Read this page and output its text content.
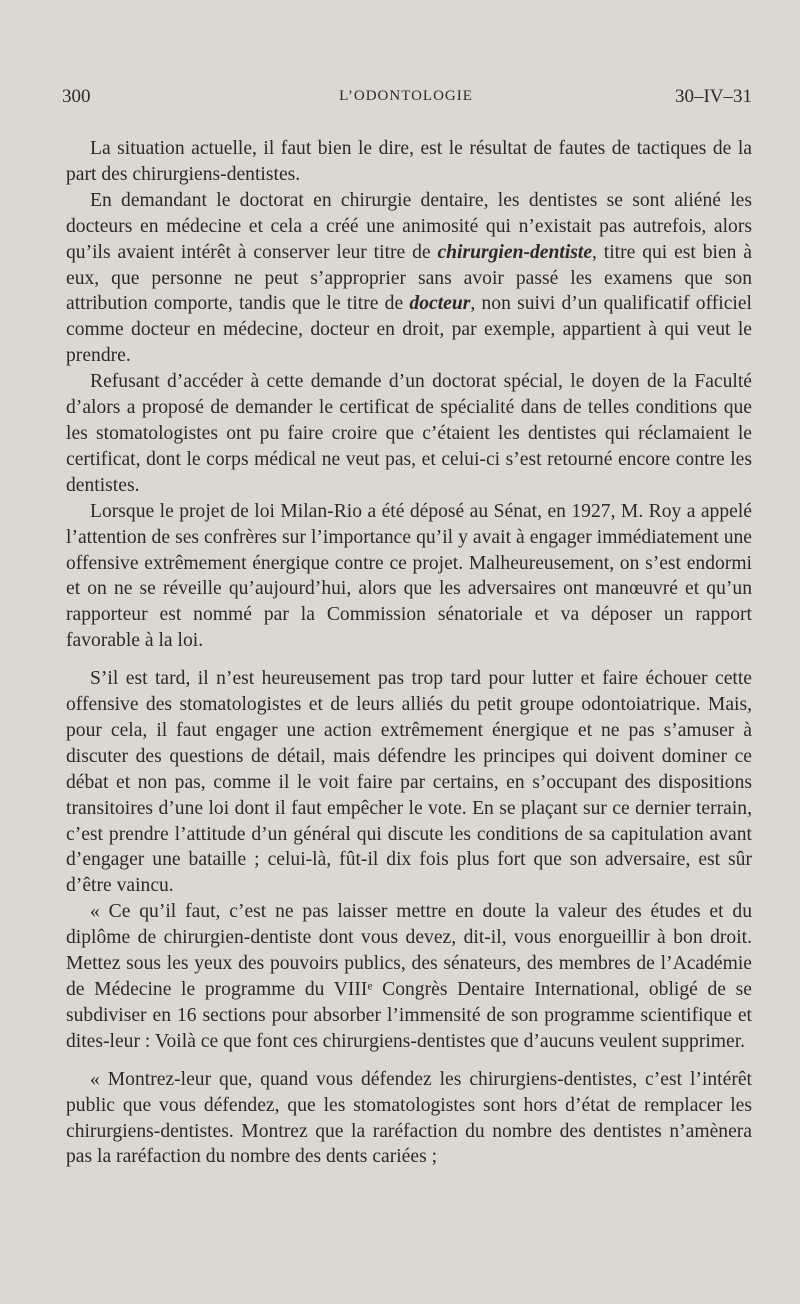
300	L’ODONTOLOGIE	30–IV–31

La situation actuelle, il faut bien le dire, est le résultat de fautes de tactiques de la part des chirurgiens-dentistes.

En demandant le doctorat en chirurgie dentaire, les dentistes se sont aliéné les docteurs en médecine et cela a créé une animosité qui n’existait pas autrefois, alors qu’ils avaient intérêt à conserver leur titre de chirurgien-dentiste, titre qui est bien à eux, que personne ne peut s’approprier sans avoir passé les examens que son attribution comporte, tandis que le titre de docteur, non suivi d’un qualificatif officiel comme docteur en médecine, docteur en droit, par exemple, appartient à qui veut le prendre.

Refusant d’accéder à cette demande d’un doctorat spécial, le doyen de la Faculté d’alors a proposé de demander le certificat de spécialité dans de telles conditions que les stomatologistes ont pu faire croire que c’étaient les dentistes qui réclamaient le certificat, dont le corps médical ne veut pas, et celui-ci s’est retourné encore contre les dentistes.

Lorsque le projet de loi Milan-Rio a été déposé au Sénat, en 1927, M. Roy a appelé l’attention de ses confrères sur l’importance qu’il y avait à engager immédiatement une offensive extrêmement énergique contre ce projet. Malheureusement, on s’est endormi et on ne se réveille qu’aujourd’hui, alors que les adversaires ont manœuvré et qu’un rapporteur est nommé par la Commission sénatoriale et va déposer un rapport favorable à la loi.

S’il est tard, il n’est heureusement pas trop tard pour lutter et faire échouer cette offensive des stomatologistes et de leurs alliés du petit groupe odontoiatrique. Mais, pour cela, il faut engager une action extrêmement énergique et ne pas s’amuser à discuter des questions de détail, mais défendre les principes qui doivent dominer ce débat et non pas, comme il le voit faire par certains, en s’occupant des dispositions transitoires d’une loi dont il faut empêcher le vote. En se plaçant sur ce dernier terrain, c’est prendre l’attitude d’un général qui discute les conditions de sa capitulation avant d’engager une bataille ; celui-là, fût-il dix fois plus fort que son adversaire, est sûr d’être vaincu.

« Ce qu’il faut, c’est ne pas laisser mettre en doute la valeur des études et du diplôme de chirurgien-dentiste dont vous devez, dit-il, vous enorgueillir à bon droit. Mettez sous les yeux des pouvoirs publics, des sénateurs, des membres de l’Académie de Médecine le programme du VIIIᵉ Congrès Dentaire International, obligé de se subdiviser en 16 sections pour absorber l’immensité de son programme scientifique et dites-leur : Voilà ce que font ces chirurgiens-dentistes que d’aucuns veulent supprimer.

« Montrez-leur que, quand vous défendez les chirurgiens-dentistes, c’est l’intérêt public que vous défendez, que les stomatologistes sont hors d’état de remplacer les chirurgiens-dentistes. Montrez que la raréfaction du nombre des dentistes n’amènera pas la raréfaction du nombre des dents cariées ;
